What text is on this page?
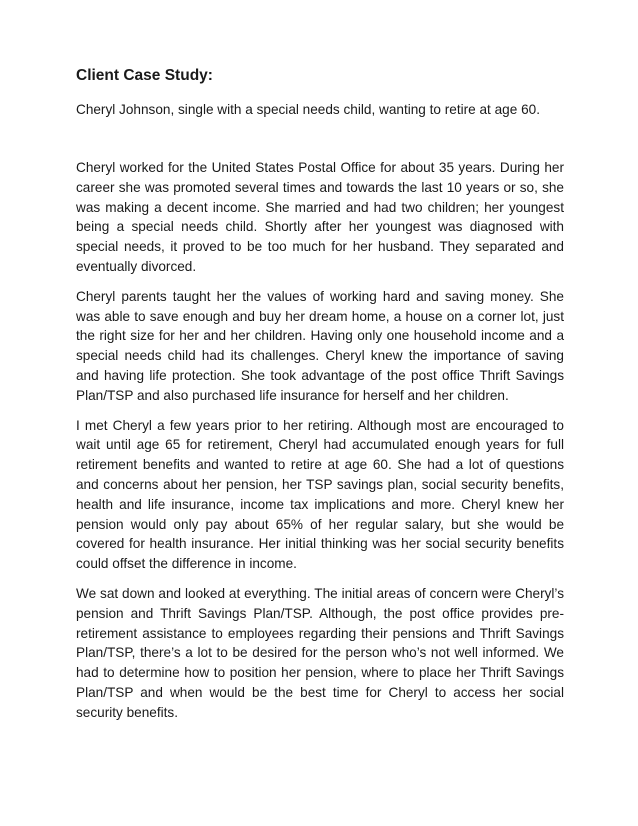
Client Case Study:
Cheryl Johnson, single with a special needs child, wanting to retire at age 60.

Cheryl worked for the United States Postal Office for about 35 years. During her career she was promoted several times and towards the last 10 years or so, she was making a decent income. She married and had two children; her youngest being a special needs child. Shortly after her youngest was diagnosed with special needs, it proved to be too much for her husband. They separated and eventually divorced.

Cheryl parents taught her the values of working hard and saving money. She was able to save enough and buy her dream home, a house on a corner lot, just the right size for her and her children. Having only one household income and a special needs child had its challenges. Cheryl knew the importance of saving and having life protection. She took advantage of the post office Thrift Savings Plan/TSP and also purchased life insurance for herself and her children.

I met Cheryl a few years prior to her retiring. Although most are encouraged to wait until age 65 for retirement, Cheryl had accumulated enough years for full retirement benefits and wanted to retire at age 60. She had a lot of questions and concerns about her pension, her TSP savings plan, social security benefits, health and life insurance, income tax implications and more. Cheryl knew her pension would only pay about 65% of her regular salary, but she would be covered for health insurance. Her initial thinking was her social security benefits could offset the difference in income.

We sat down and looked at everything. The initial areas of concern were Cheryl’s pension and Thrift Savings Plan/TSP. Although, the post office provides pre-retirement assistance to employees regarding their pensions and Thrift Savings Plan/TSP, there’s a lot to be desired for the person who’s not well informed. We had to determine how to position her pension, where to place her Thrift Savings Plan/TSP and when would be the best time for Cheryl to access her social security benefits.
